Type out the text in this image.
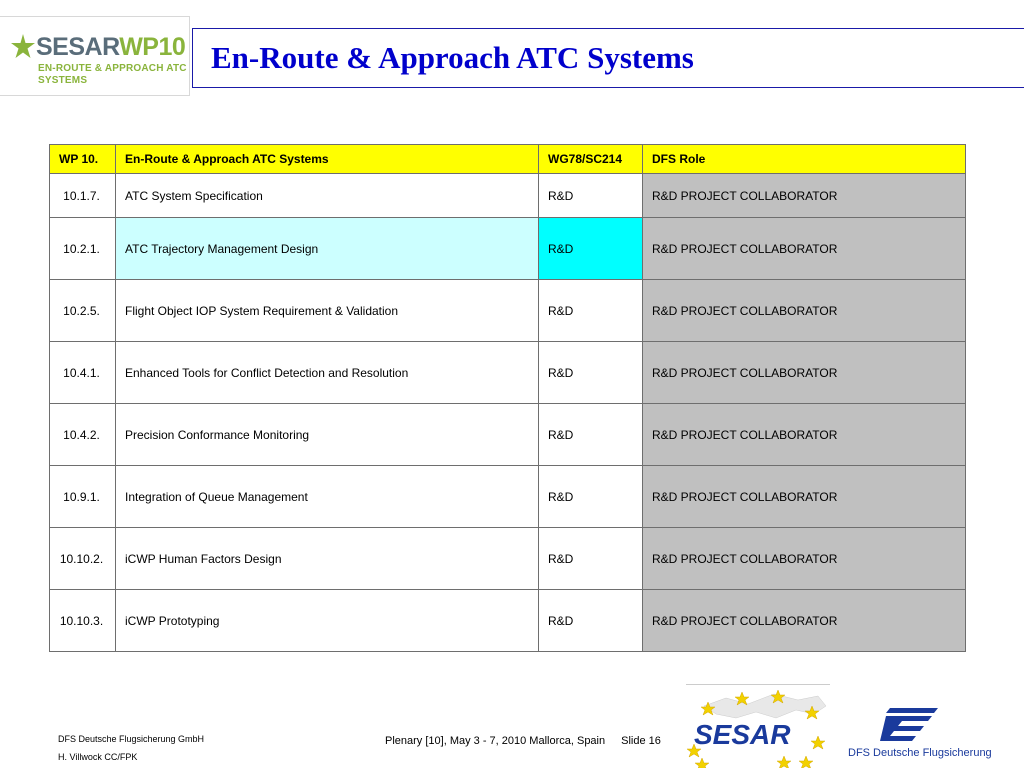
SESARWP10
EN-ROUTE & APPROACH ATC SYSTEMS
En-Route & Approach ATC Systems
WP 10.	En-Route & Approach ATC Systems	WG78/SC214	DFS Role
10.1.7.	ATC System Specification	R&D	R&D PROJECT COLLABORATOR
10.2.1.	ATC Trajectory Management Design	R&D	R&D PROJECT COLLABORATOR
10.2.5.	Flight Object IOP System Requirement & Validation	R&D	R&D PROJECT COLLABORATOR
10.4.1.	Enhanced Tools for Conflict Detection and Resolution	R&D	R&D PROJECT COLLABORATOR
10.4.2.	Precision Conformance Monitoring	R&D	R&D PROJECT COLLABORATOR
10.9.1.	Integration of Queue Management	R&D	R&D PROJECT COLLABORATOR
10.10.2.	iCWP Human Factors Design	R&D	R&D PROJECT COLLABORATOR
10.10.3.	iCWP Prototyping	R&D	R&D PROJECT COLLABORATOR
DFS Deutsche Flugsicherung GmbH
H. Villwock CC/FPK
Plenary [10], May 3 - 7, 2010 Mallorca, Spain Slide 16 SESAR
DFS Deutsche Flugsicherung
